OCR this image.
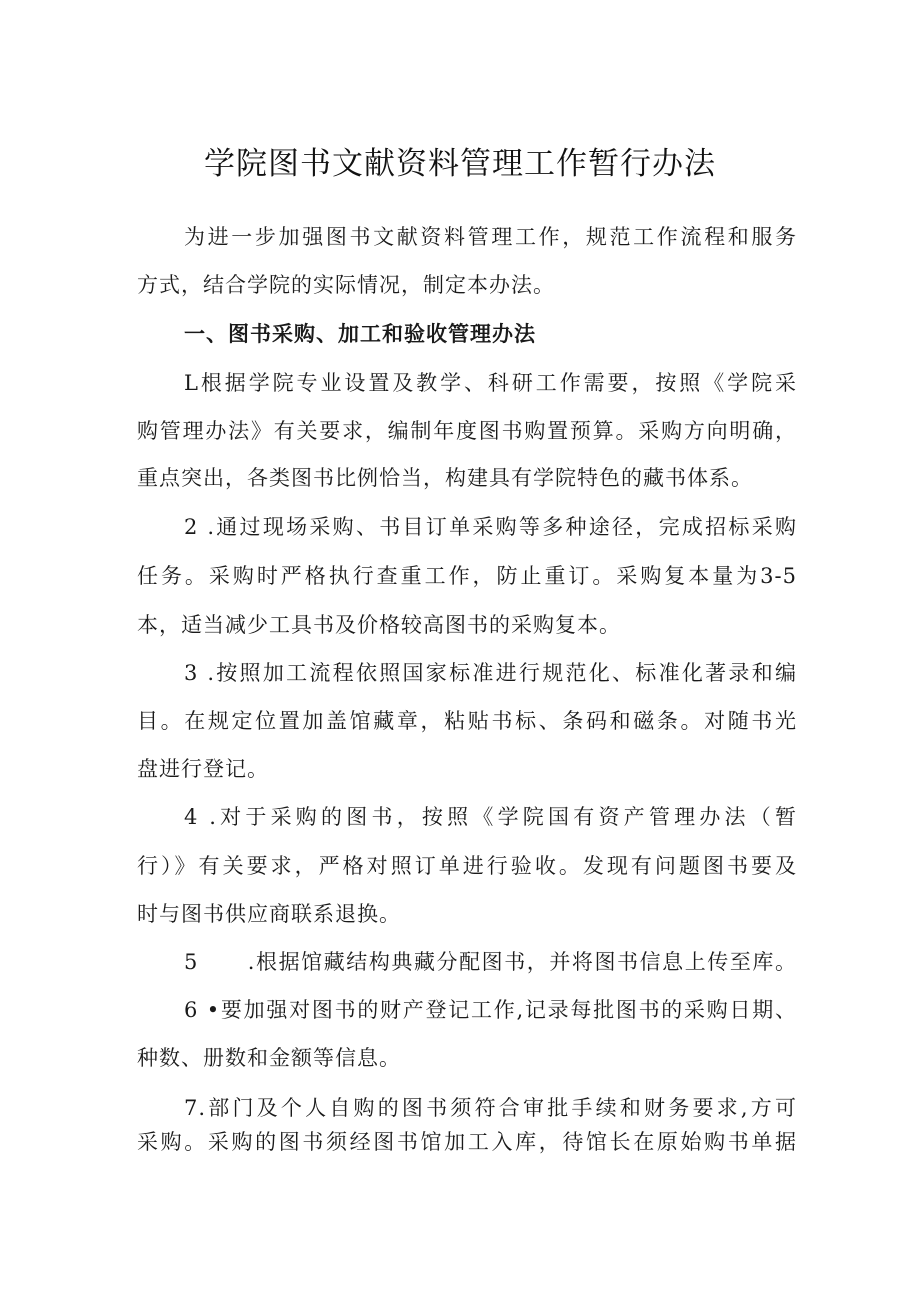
学院图书文献资料管理工作暂行办法
为进一步加强图书文献资料管理工作，规范工作流程和服务
方式，结合学院的实际情况，制定本办法。
一、图书采购、加工和验收管理办法
L根据学院专业设置及教学、科研工作需要，按照《学院采
购管理办法》有关要求，编制年度图书购置预算。采购方向明确，
重点突出，各类图书比例恰当，构建具有学院特色的藏书体系。
2 .通过现场采购、书目订单采购等多种途径，完成招标采购
任务。采购时严格执行查重工作，防止重订。采购复本量为3-5
本，适当减少工具书及价格较高图书的采购复本。
3 .按照加工流程依照国家标准进行规范化、标准化著录和编
目。在规定位置加盖馆藏章，粘贴书标、条码和磁条。对随书光
盘进行登记。
4 .对于采购的图书，按照《学院国有资产管理办法（暂
行）》有关要求，严格对照订单进行验收。发现有问题图书要及
时与图书供应商联系退换。
5      .根据馆藏结构典藏分配图书，并将图书信息上传至库。
6 •要加强对图书的财产登记工作,记录每批图书的采购日期、
种数、册数和金额等信息。
7.部门及个人自购的图书须符合审批手续和财务要求,方可
采购。采购的图书须经图书馆加工入库，待馆长在原始购书单据
